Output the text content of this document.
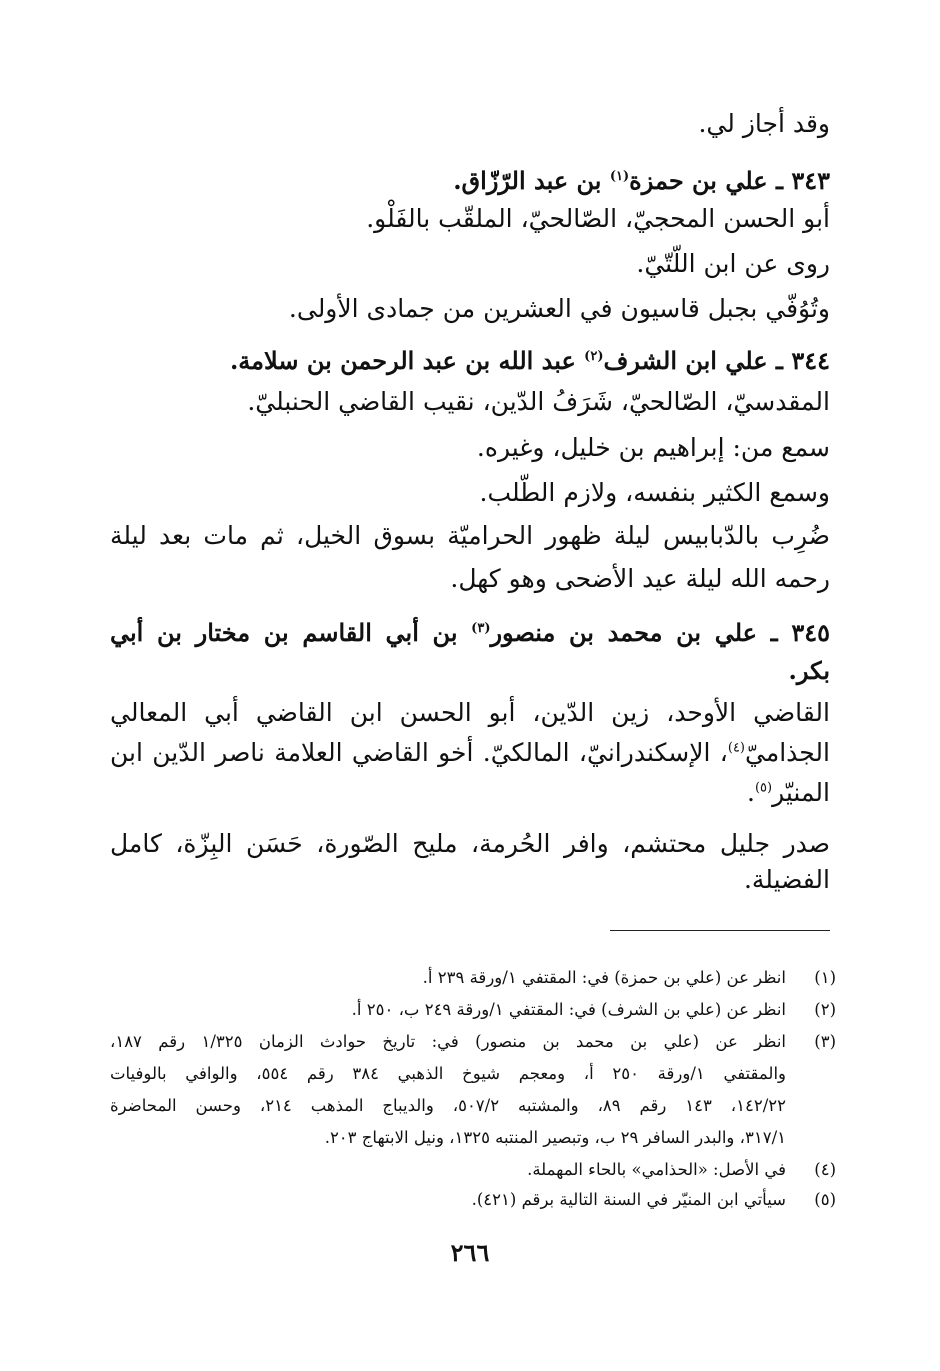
وقد أجاز لي.
٣٤٣ ـ علي بن حمزة$^{(١)}$ بن عبد الرّزّاق.
أبو الحسن المحجيّ، الصّالحيّ، الملقّب بالفَلْو.
روى عن ابن اللّتّيّ.
وتُوُفّي بجبل قاسيون في العشرين من جمادى الأولى.
٣٤٤ ـ علي ابن الشرف$^{(٢)}$ عبد الله بن عبد الرحمن بن سلامة.
المقدسيّ، الصّالحيّ، شَرَفُ الدّين، نقيب القاضي الحنبليّ.
سمع من: إبراهيم بن خليل، وغيره.
وسمع الكثير بنفسه، ولازم الطّلب.
ضُرِب بالدّبابيس ليلة ظهور الحراميّة بسوق الخيل، ثم مات بعد ليلة
رحمه الله ليلة عيد الأضحى وهو كهل.
٣٤٥ ـ علي بن محمد بن منصور$^{(٣)}$ بن أبي القاسم بن مختار بن أبي
بكر.
القاضي الأوحد، زين الدّين، أبو الحسن ابن القاضي أبي المعالي
الجذاميّ$^{(٤)}$، الإسكندرانيّ، المالكيّ. أخو القاضي العلامة ناصر الدّين ابن
المنيّر$^{(٥)}$.
صدر جليل محتشم، وافر الحُرمة، مليح الصّورة، حَسَن البِزّة، كامل
الفضيلة.
(١)
انظر عن (علي بن حمزة) في: المقتفي ١/ورقة ٢٣٩ أ.
(٢)
انظر عن (علي بن الشرف) في: المقتفي ١/ورقة ٢٤٩ ب، ٢٥٠ أ.
(٣)
انظر عن (علي بن محمد بن منصور) في: تاريخ حوادث الزمان ١/٣٢٥ رقم ١٨٧،
والمقتفي ١/ورقة ٢٥٠ أ، ومعجم شيوخ الذهبي ٣٨٤ رقم ٥٥٤، والوافي بالوفيات
١٤٢/٢٢، ١٤٣ رقم ٨٩، والمشتبه ٥٠٧/٢، والديباج المذهب ٢١٤، وحسن المحاضرة
٣١٧/١، والبدر السافر ٢٩ ب، وتبصير المنتبه ١٣٢٥، ونيل الابتهاج ٢٠٣.
(٤)
في الأصل: «الحذامي» بالحاء المهملة.
(٥)
سيأتي ابن المنيّر في السنة التالية برقم (٤٢١).
٢٦٦
